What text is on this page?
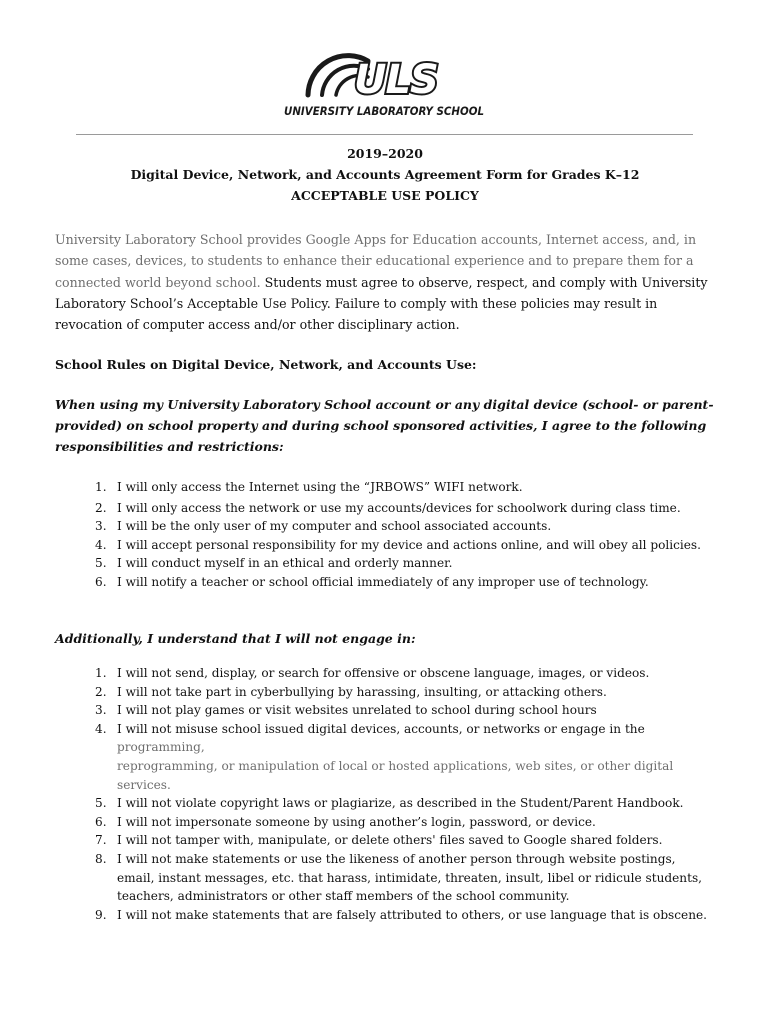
ULS
UNIVERSITY LABORATORY SCHOOL
2019–2020
Digital Device, Network, and Accounts Agreement Form for Grades K–12
ACCEPTABLE USE POLICY
University Laboratory School provides Google Apps for Education accounts, Internet access, and, in some cases, devices, to students to enhance their educational experience and to prepare them for a connected world beyond school. Students must agree to observe, respect, and comply with University Laboratory School’s Acceptable Use Policy. Failure to comply with these policies may result in revocation of computer access and/or other disciplinary action.
School Rules on Digital Device, Network, and Accounts Use:
When using my University Laboratory School account or any digital device (school- or parent-provided) on school property and during school sponsored activities, I agree to the following responsibilities and restrictions:
1. I will only access the Internet using the “JRBOWS” WIFI network.
2. I will only access the network or use my accounts/devices for schoolwork during class time.
3. I will be the only user of my computer and school associated accounts.
4. I will accept personal responsibility for my device and actions online, and will obey all policies.
5. I will conduct myself in an ethical and orderly manner.
6. I will notify a teacher or school official immediately of any improper use of technology.
Additionally, I understand that I will not engage in:
1. I will not send, display, or search for offensive or obscene language, images, or videos.
2. I will not take part in cyberbullying by harassing, insulting, or attacking others.
3. I will not play games or visit websites unrelated to school during school hours
4. I will not misuse school issued digital devices, accounts, or networks or engage in the
programming,
reprogramming, or manipulation of local or hosted applications, web sites, or other digital services.
5. I will not violate copyright laws or plagiarize, as described in the Student/Parent Handbook.
6. I will not impersonate someone by using another’s login, password, or device.
7. I will not tamper with, manipulate, or delete others' files saved to Google shared folders.
8. I will not make statements or use the likeness of another person through website postings, email, instant messages, etc. that harass, intimidate, threaten, insult, libel or ridicule students, teachers, administrators or other staff members of the school community.
9. I will not make statements that are falsely attributed to others, or use language that is obscene.
